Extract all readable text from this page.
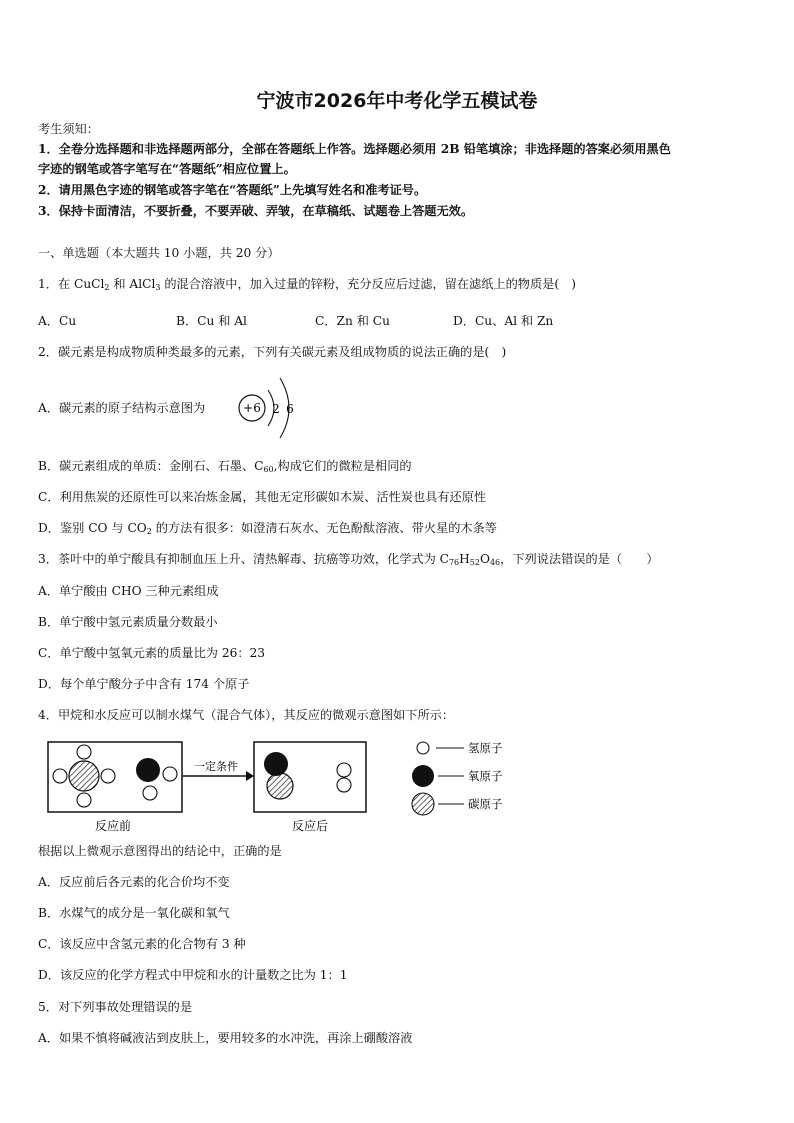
宁波市2026年中考化学五模试卷
考生须知：
1．全卷分选择题和非选择题两部分，全部在答题纸上作答。选择题必须用 2B 铅笔填涂；非选择题的答案必须用黑色
字迹的钢笔或答字笔写在“答题纸”相应位置上。
2．请用黑色字迹的钢笔或答字笔在“答题纸”上先填写姓名和准考证号。
3．保持卡面清洁，不要折叠，不要弄破、弄皱，在草稿纸、试题卷上答题无效。
一、单选题（本大题共 10 小题，共 20 分）
1．在 CuCl$_2$ 和 AlCl$_3$ 的混合溶液中，加入过量的锌粉，充分反应后过滤，留在滤纸上的物质是(　)
A．Cu	B．Cu 和 Al	C．Zn 和 Cu	D．Cu、Al 和 Zn
2．碳元素是构成物质种类最多的元素，下列有关碳元素及组成物质的说法正确的是(　)
A．碳元素的原子结构示意图为	+6 2 6
B．碳元素组成的单质：金刚石、石墨、$C_{60}$,构成它们的微粒是相同的
C．利用焦炭的还原性可以来冶炼金属，其他无定形碳如木炭、活性炭也具有还原性
D．鉴别 CO 与 $CO_2$ 的方法有很多：如澄清石灰水、无色酚酞溶液、带火星的木条等
3．茶叶中的单宁酸具有抑制血压上升、清热解毒、抗癌等功效，化学式为 $C_{76}H_{52}O_{46}$，下列说法错误的是（　　）
A．单宁酸由 CHO 三种元素组成
B．单宁酸中氢元素质量分数最小
C．单宁酸中氢氧元素的质量比为 26：23
D．每个单宁酸分子中含有 174 个原子
4．甲烷和水反应可以制水煤气（混合气体），其反应的微观示意图如下所示：
一定条件
反应前	反应后
氢原子
氧原子
碳原子
根据以上微观示意图得出的结论中，正确的是
A．反应前后各元素的化合价均不变
B．水煤气的成分是一氧化碳和氧气
C．该反应中含氢元素的化合物有 3 种
D．该反应的化学方程式中甲烷和水的计量数之比为 1：1
5．对下列事故处理错误的是
A．如果不慎将碱液沾到皮肤上，要用较多的水冲洗，再涂上硼酸溶液
